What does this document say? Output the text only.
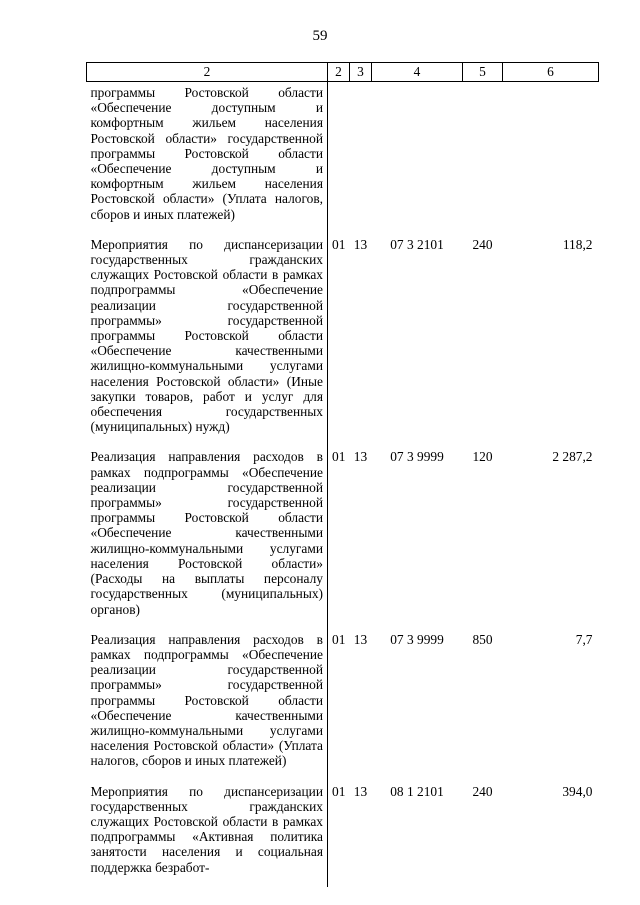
59
2	2	3	4	5	6
программы Ростовской области «Обеспечение доступным и комфортным жильем населения Ростовской области» государственной программы Ростовской области «Обеспечение доступным и комфортным жильем населения Ростовской области» (Уплата налогов, сборов и иных платежей)					
Мероприятия по диспансеризации государственных гражданских служащих Ростовской области в рамках подпрограммы «Обеспечение реализации государственной программы» государственной программы Ростовской области «Обеспечение качественными жилищно-коммунальными услугами населения Ростовской области» (Иные закупки товаров, работ и услуг для обеспечения государственных (муниципальных) нужд)	01	13	07 3 2101	240	118,2
Реализация направления расходов в рамках подпрограммы «Обеспечение реализации государственной программы» государственной программы Ростовской области «Обеспечение качественными жилищно-коммунальными услугами населения Ростовской области» (Расходы на выплаты персоналу государственных (муниципальных) органов)	01	13	07 3 9999	120	2 287,2
Реализация направления расходов в рамках подпрограммы «Обеспечение реализации государственной программы» государственной программы Ростовской области «Обеспечение качественными жилищно-коммунальными услугами населения Ростовской области» (Уплата налогов, сборов и иных платежей)	01	13	07 3 9999	850	7,7
Мероприятия по диспансеризации государственных гражданских служащих Ростовской области в рамках подпрограммы «Активная политика занятости населения и социальная поддержка безработ-	01	13	08 1 2101	240	394,0
